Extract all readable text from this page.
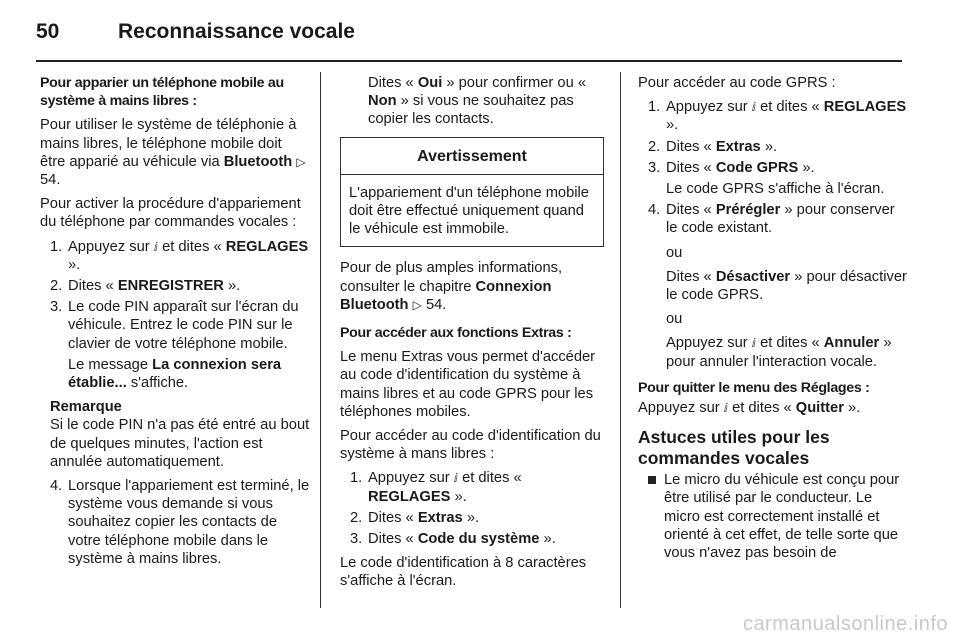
50	Reconnaissance vocale

Pour apparier un téléphone mobile au système à mains libres :

Pour utiliser le système de téléphonie à mains libres, le téléphone mobile doit être apparié au véhicule via Bluetooth ▷ 54.

Pour activer la procédure d'appariement du téléphone par commandes vocales :

1. Appuyez sur ⅈ et dites « REGLAGES ».
2. Dites « ENREGISTRER ».
3. Le code PIN apparaît sur l'écran du véhicule. Entrez le code PIN sur le clavier de votre téléphone mobile.
Le message La connexion sera établie... s'affiche.
Remarque
Si le code PIN n'a pas été entré au bout de quelques minutes, l'action est annulée automatiquement.
4. Lorsque l'appariement est terminé, le système vous demande si vous souhaitez copier les contacts de votre téléphone mobile dans le système à mains libres.

Dites « Oui » pour confirmer ou « Non » si vous ne souhaitez pas copier les contacts.

Avertissement
L'appariement d'un téléphone mobile doit être effectué uniquement quand le véhicule est immobile.

Pour de plus amples informations, consulter le chapitre Connexion Bluetooth ▷ 54.

Pour accéder aux fonctions Extras :

Le menu Extras vous permet d'accéder au code d'identification du système à mains libres et au code GPRS pour les téléphones mobiles.

Pour accéder au code d'identification du système à mans libres :

1. Appuyez sur ⅈ et dites « REGLAGES ».
2. Dites « Extras ».
3. Dites « Code du système ».

Le code d'identification à 8 caractères s'affiche à l'écran.

Pour accéder au code GPRS :

1. Appuyez sur ⅈ et dites « REGLAGES ».
2. Dites « Extras ».
3. Dites « Code GPRS ».
Le code GPRS s'affiche à l'écran.
4. Dites « Prérégler » pour conserver le code existant.
ou
Dites « Désactiver » pour désactiver le code GPRS.
ou
Appuyez sur ⅈ et dites « Annuler » pour annuler l'interaction vocale.

Pour quitter le menu des Réglages :

Appuyez sur ⅈ et dites « Quitter ».

Astuces utiles pour les commandes vocales
Le micro du véhicule est conçu pour être utilisé par le conducteur. Le micro est correctement installé et orienté à cet effet, de telle sorte que vous n'avez pas besoin de
carmanualsonline.info
